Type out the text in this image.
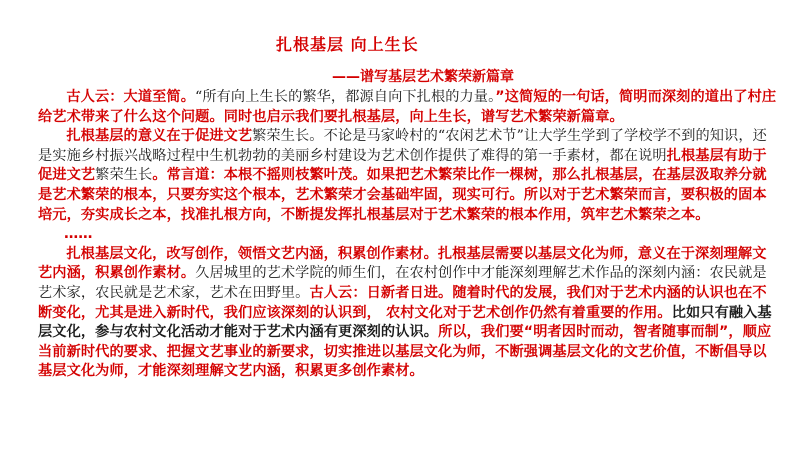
扎根基层 向上生长
——谱写基层艺术繁荣新篇章

古人云：大道至简。“所有向上生长的繁华，都源自向下扎根的力量。”这简短的一句话，简明而深刻的道出了村庄给艺术带来了什么这个问题。同时也启示我们要扎根基层，向上生长，谱写艺术繁荣新篇章。

扎根基层的意义在于促进文艺繁荣生长。不论是马家岭村的“农闲艺术节”让大学生学到了学校学不到的知识，还是实施乡村振兴战略过程中生机勃勃的美丽乡村建设为艺术创作提供了难得的第一手素材，都在说明扎根基层有助于促进文艺繁荣生长。常言道：本根不摇则枝繁叶茂。如果把艺术繁荣比作一棵树，那么扎根基层，在基层汲取养分就是艺术繁荣的根本，只要夯实这个根本，艺术繁荣才会基础牢固，现实可行。所以对于艺术繁荣而言，要积极的固本培元，夯实成长之本，找准扎根方向，不断提发挥扎根基层对于艺术繁荣的根本作用，筑牢艺术繁荣之本。

……

扎根基层文化，改写创作，领悟文艺内涵，积累创作素材。扎根基层需要以基层文化为师，意义在于深刻理解文艺内涵，积累创作素材。久居城里的艺术学院的师生们，在农村创作中才能深刻理解艺术作品的深刻内涵：农民就是艺术家，农民就是艺术家，艺术在田野里。古人云：日新者日进。随着时代的发展，我们对于艺术内涵的认识也在不断变化，尤其是进入新时代，我们应该深刻的认识到， 农村文化对于艺术创作仍然有着重要的作用。比如只有融入基层文化，参与农村文化活动才能对于艺术内涵有更深刻的认识。所以，我们要“明者因时而动，智者随事而制”，顺应当前新时代的要求、把握文艺事业的新要求，切实推进以基层文化为师，不断强调基层文化的文艺价值，不断倡导以基层文化为师，才能深刻理解文艺内涵，积累更多创作素材。
